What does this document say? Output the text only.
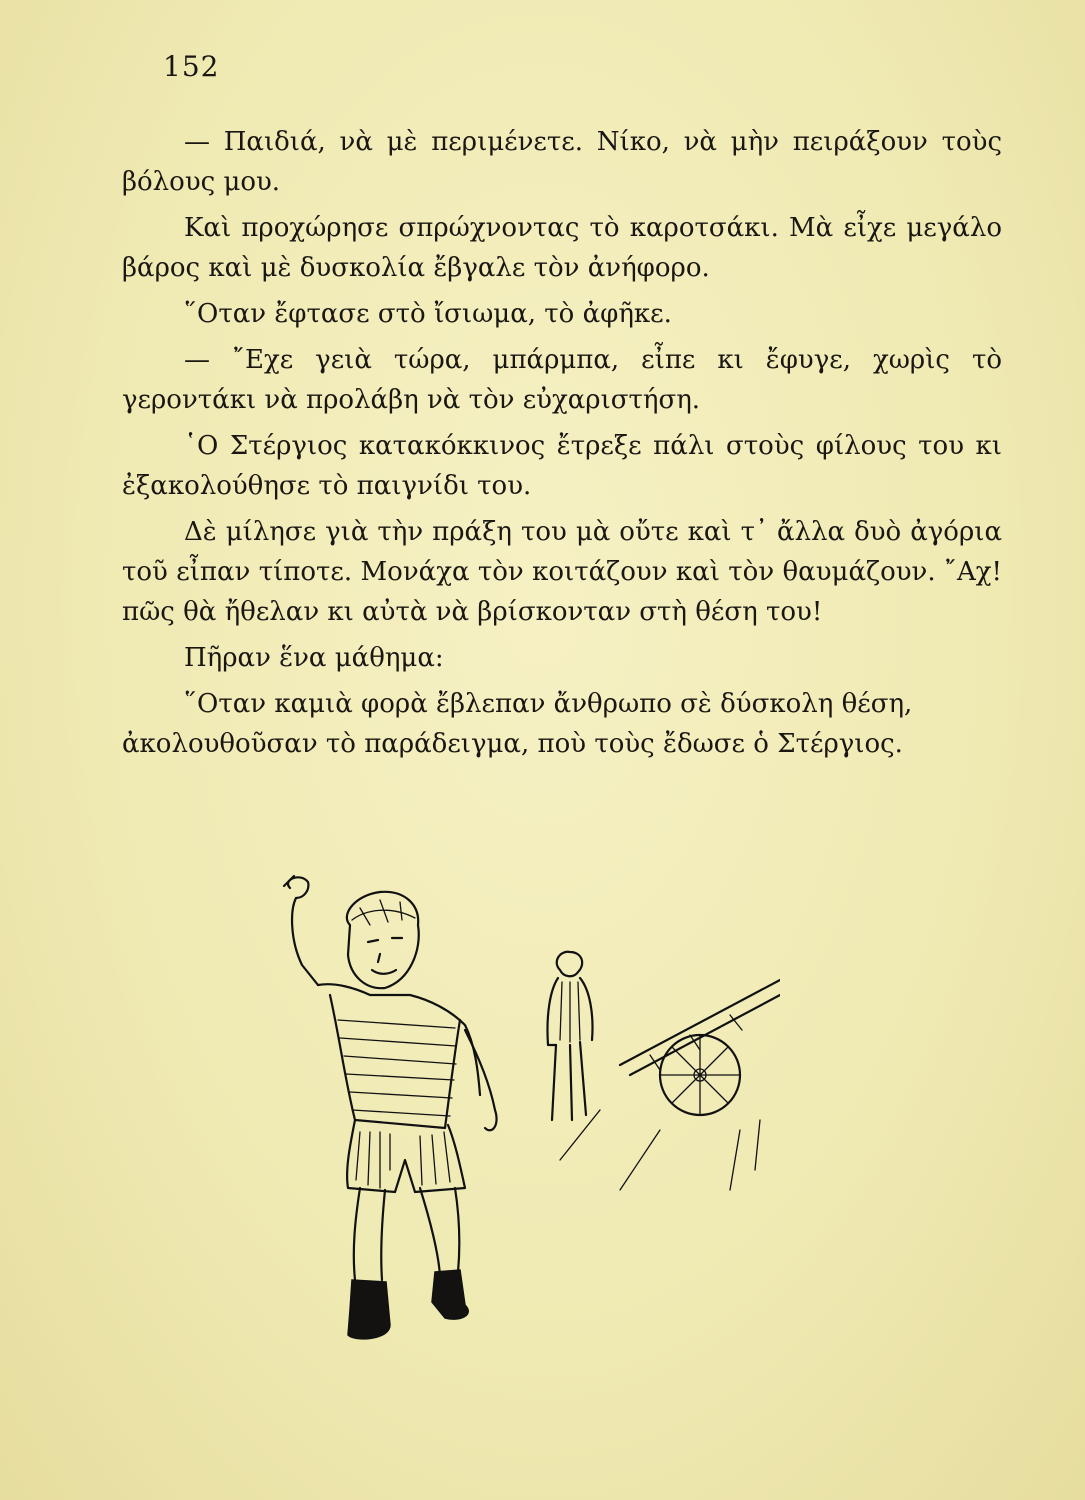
152

— Παιδιά, νὰ μὲ περιμένετε. Νίκο, νὰ μὴν πειράξουν τοὺς βόλους μου.

Καὶ προχώρησε σπρώχνοντας τὸ καροτσάκι. Μὰ εἶχε μεγάλο βάρος καὶ μὲ δυσκολία ἔβγαλε τὸν ἀνήφορο.

῞Οταν ἔφτασε στὸ ἴσιωμα, τὸ ἀφῆκε.

— ῎Εχε γειὰ τώρα, μπάρμπα, εἶπε κι ἔφυγε, χωρὶς τὸ γεροντάκι νὰ προλάβη νὰ τὸν εὐχαριστήση.

῾Ο Στέργιος κατακόκκινος ἔτρεξε πάλι στοὺς φίλους του κι ἐξακολούθησε τὸ παιγνίδι του.

Δὲ μίλησε γιὰ τὴν πράξη του μὰ οὔτε καὶ τ᾿ ἄλλα δυὸ ἀγόρια τοῦ εἶπαν τίποτε. Μονάχα τὸν κοιτάζουν καὶ τὸν θαυμάζουν. ῎Αχ! πῶς θὰ ἤθελαν κι αὐτὰ νὰ βρίσκονταν στὴ θέση του!

Πῆραν ἕνα μάθημα:

῞Οταν καμιὰ φορὰ ἔβλεπαν ἄνθρωπο σὲ δύσκολη θέση, ἀκολουθοῦσαν τὸ παράδειγμα, ποὺ τοὺς ἔδωσε ὁ Στέργιος.
